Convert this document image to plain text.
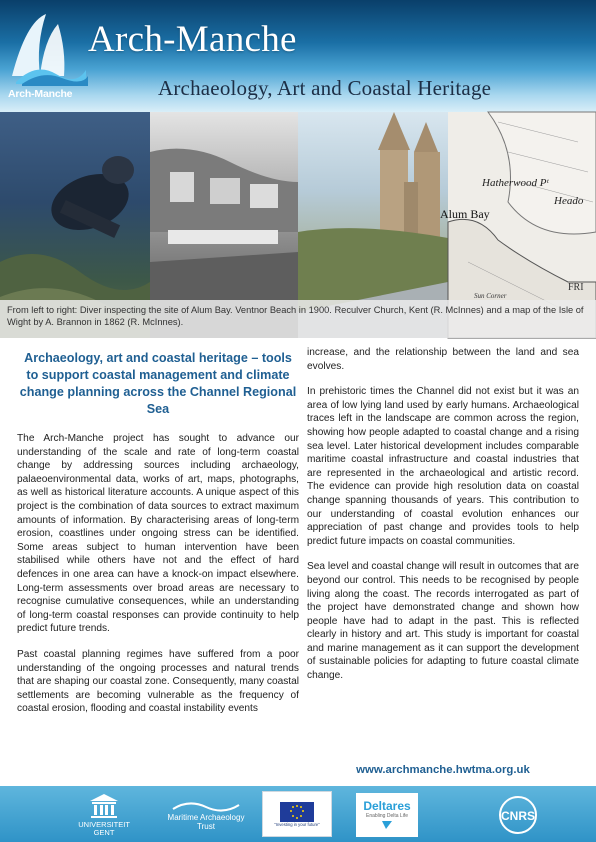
Arch-Manche
Arch-Manche
Archaeology, Art and Coastal Heritage
Hatherwood Pᵗ
Alum Bay
Heado
Sun Corner
FRI
From left to right: Diver inspecting the site of Alum Bay. Ventnor Beach in 1900. Reculver Church, Kent (R. McInnes) and a map of the Isle of Wight by A. Brannon in 1862 (R. McInnes).
Archaeology, art and coastal heritage – tools to support coastal management and climate change planning across the Channel Regional Sea

The Arch-Manche project has sought to advance our understanding of the scale and rate of long-term coastal change by addressing sources including archaeology, palaeoenvironmental data, works of art, maps, photographs, as well as historical literature accounts. A unique aspect of this project is the combination of data sources to extract maximum amounts of information. By characterising areas of long-term erosion, coastlines under ongoing stress can be identified. Some areas subject to human intervention have been stabilised while others have not and the effect of hard defences in one area can have a knock-on impact elsewhere. Long-term assessments over broad areas are necessary to recognise cumulative consequences, while an understanding of long-term coastal responses can provide continuity to help predict future trends.

Past coastal planning regimes have suffered from a poor understanding of the ongoing processes and natural trends that are shaping our coastal zone. Consequently, many coastal settlements are becoming vulnerable as the frequency of coastal erosion, flooding and coastal instability events

increase, and the relationship between the land and sea evolves.

In prehistoric times the Channel did not exist but it was an area of low lying land used by early humans. Archaeological traces left in the landscape are common across the region, showing how people adapted to coastal change and a rising sea level. Later historical development includes comparable maritime coastal infrastructure and coastal industries that are represented in the archaeological and artistic record. The evidence can provide high resolution data on coastal change spanning thousands of years. This contribution to our understanding of coastal evolution enhances our appreciation of past change and provides tools to help predict future impacts on coastal communities.

Sea level and coastal change will result in outcomes that are beyond our control. This needs to be recognised by people living along the coast. The records interrogated as part of the project have demonstrated change and shown how people have had to adapt in the past. This is reflected clearly in history and art. This study is important for coastal and marine management as it can support the development of sustainable policies for adapting to future coastal climate change.

www.archmanche.hwtma.org.uk
UNIVERSITEIT GENT
Maritime Archaeology Trust	"Investing in your future"
Deltares
Enabling Delta Life	CNRS
